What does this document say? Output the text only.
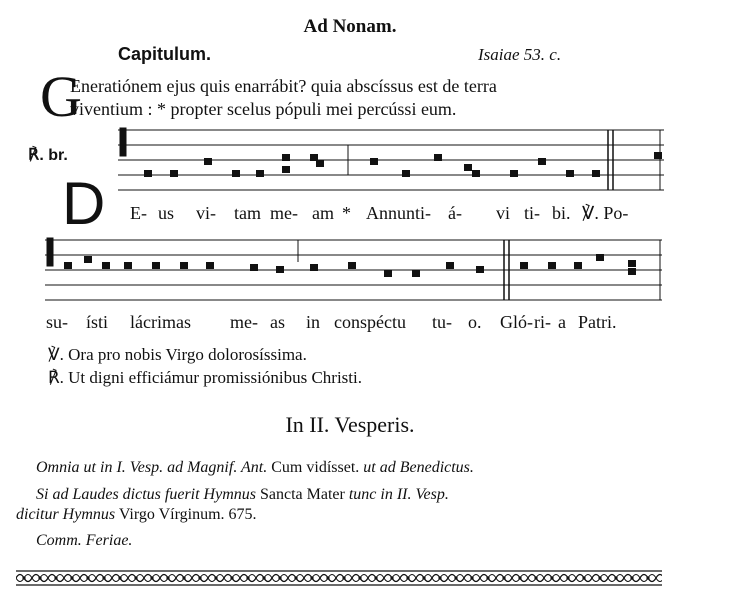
Ad Nonam.
Capitulum.	Isaiae 53. c.
G
Eneratiónem ejus quis enarrábit? quia abscíssus est de terra
viventium : * propter scelus pópuli mei percússi eum.
℟. br.
D E- us vi- tam me- am * Annunti- á- vi ti- bi. ℣. Po-
su- ísti lácrimas me- as in conspéctu tu- o. Gló- ri- a Patri.
℣. Ora pro nobis Virgo dolorosíssima.
℟. Ut digni efficiámur promissiónibus Christi.
In II. Vesperis.
Omnia ut in I. Vesp. ad Magnif. Ant. Cum vidísset. ut ad Benedictus.
Si ad Laudes dictus fuerit Hymnus Sancta Mater tunc in II. Vesp.
dicitur Hymnus Virgo Vírginum. 675.
Comm. Feriae.
